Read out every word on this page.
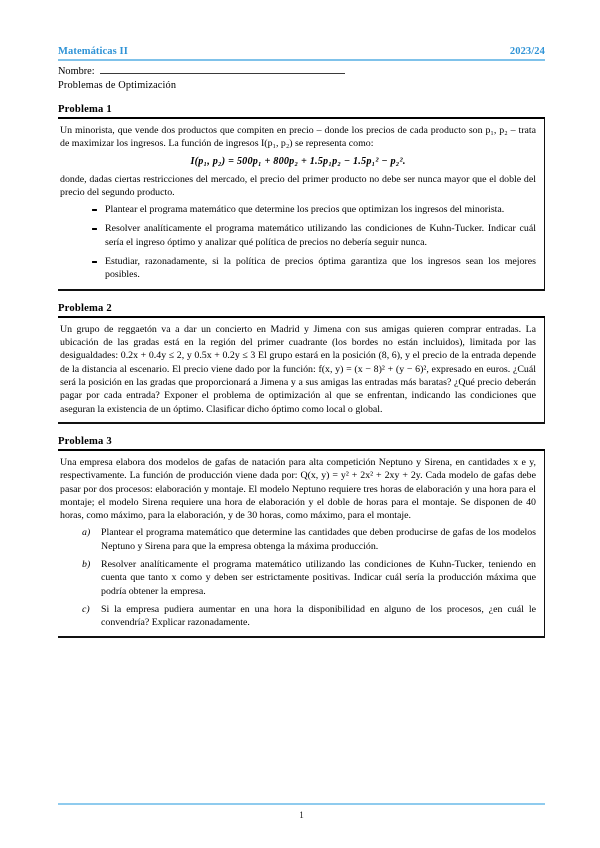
Matemáticas II	2023/24
Nombre:
Problemas de Optimización
Problema 1

Un minorista, que vende dos productos que compiten en precio – donde los precios de cada producto son p₁, p₂ – trata de maximizar los ingresos. La función de ingresos I(p₁, p₂) se representa como:

I(p₁, p₂) = 500p₁ + 800p₂ + 1.5p₁p₂ − 1.5p₁² − p₂².

donde, dadas ciertas restricciones del mercado, el precio del primer producto no debe ser nunca mayor que el doble del precio del segundo producto.

Plantear el programa matemático que determine los precios que optimizan los ingresos del minorista.
Resolver analíticamente el programa matemático utilizando las condiciones de Kuhn-Tucker. Indicar cuál sería el ingreso óptimo y analizar qué política de precios no debería seguir nunca.
Estudiar, razonadamente, si la política de precios óptima garantiza que los ingresos sean los mejores posibles.
Problema 2

Un grupo de reggaetón va a dar un concierto en Madrid y Jimena con sus amigas quieren comprar entradas. La ubicación de las gradas está en la región del primer cuadrante (los bordes no están incluidos), limitada por las desigualdades: 0.2x + 0.4y ≤ 2, y 0.5x + 0.2y ≤ 3 El grupo estará en la posición (8, 6), y el precio de la entrada depende de la distancia al escenario. El precio viene dado por la función: f(x, y) = (x − 8)² + (y − 6)², expresado en euros. ¿Cuál será la posición en las gradas que proporcionará a Jimena y a sus amigas las entradas más baratas? ¿Qué precio deberán pagar por cada entrada? Exponer el problema de optimización al que se enfrentan, indicando las condiciones que aseguran la existencia de un óptimo. Clasificar dicho óptimo como local o global.

Problema 3

Una empresa elabora dos modelos de gafas de natación para alta competición Neptuno y Sirena, en cantidades x e y, respectivamente. La función de producción viene dada por: Q(x, y) = y² + 2x² + 2xy + 2y. Cada modelo de gafas debe pasar por dos procesos: elaboración y montaje. El modelo Neptuno requiere tres horas de elaboración y una hora para el montaje; el modelo Sirena requiere una hora de elaboración y el doble de horas para el montaje. Se disponen de 40 horas, como máximo, para la elaboración, y de 30 horas, como máximo, para el montaje.

a)	Plantear el programa matemático que determine las cantidades que deben producirse de gafas de los modelos Neptuno y Sirena para que la empresa obtenga la máxima producción.
b)	Resolver analíticamente el programa matemático utilizando las condiciones de Kuhn-Tucker, teniendo en cuenta que tanto x como y deben ser estrictamente positivas. Indicar cuál sería la producción máxima que podría obtener la empresa.
c)	Si la empresa pudiera aumentar en una hora la disponibilidad en alguno de los procesos, ¿en cuál le convendría? Explicar razonadamente.
1
